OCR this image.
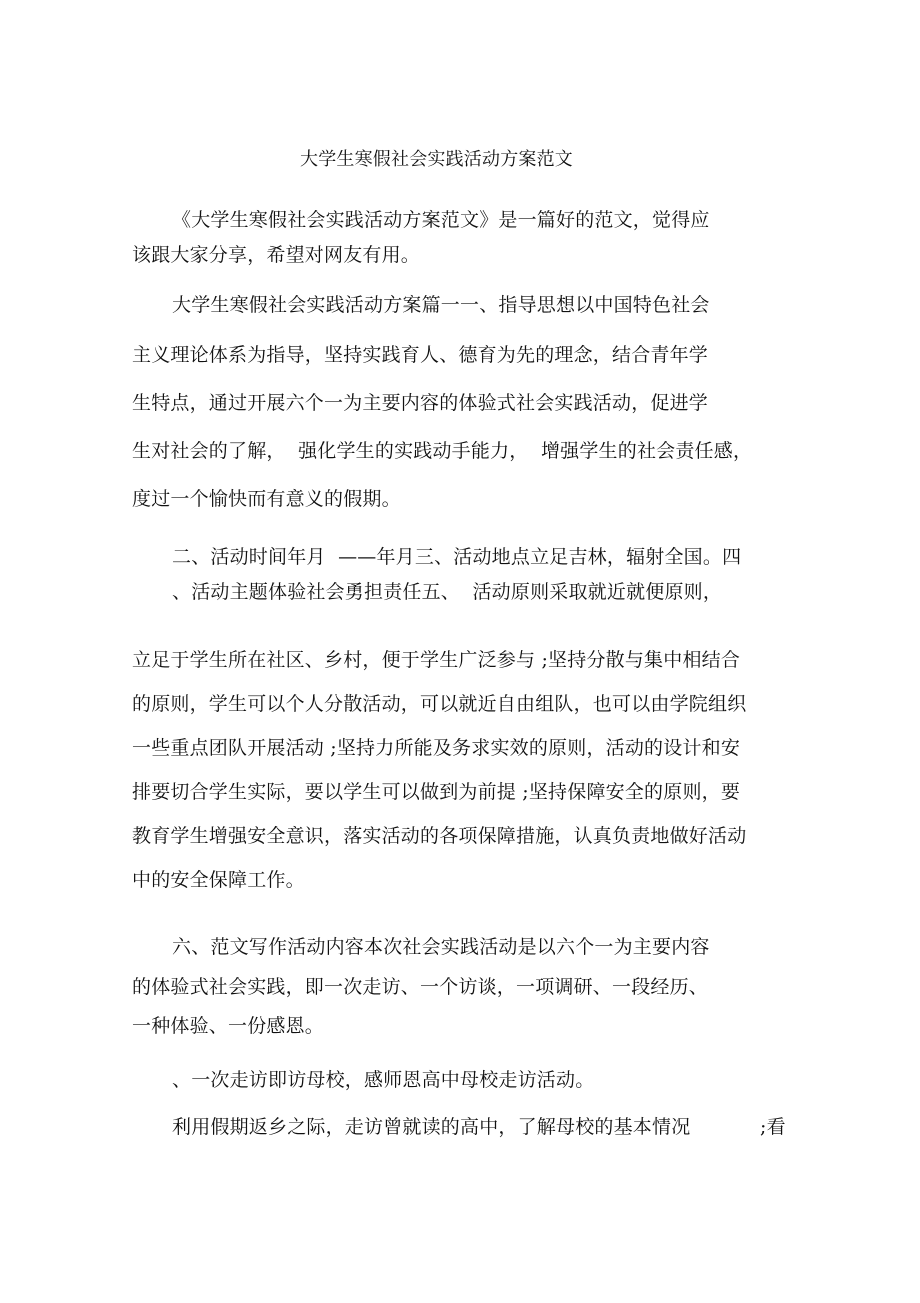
大学生寒假社会实践活动方案范文
《大学生寒假社会实践活动方案范文》是一篇好的范文，觉得应
该跟大家分享，希望对网友有用。
大学生寒假社会实践活动方案篇一一、指导思想以中国特色社会
主义理论体系为指导，坚持实践育人、德育为先的理念，结合青年学
生特点，通过开展六个一为主要内容的体验式社会实践活动，促进学
生对社会的了解，  强化学生的实践动手能力，  增强学生的社会责任感，
度过一个愉快而有意义的假期。
二、活动时间年月  ——年月三、活动地点立足吉林，辐射全国。四
、活动主题体验社会勇担责任五、  活动原则采取就近就便原则，
立足于学生所在社区、乡村，便于学生广泛参与 ;坚持分散与集中相结合
的原则，学生可以个人分散活动，可以就近自由组队，也可以由学院组织
一些重点团队开展活动 ;坚持力所能及务求实效的原则，活动的设计和安
排要切合学生实际，要以学生可以做到为前提 ;坚持保障安全的原则，要
教育学生增强安全意识，落实活动的各项保障措施，认真负责地做好活动
中的安全保障工作。
六、范文写作活动内容本次社会实践活动是以六个一为主要内容
的体验式社会实践，即一次走访、一个访谈，一项调研、一段经历、
一种体验、一份感恩。
、一次走访即访母校，感师恩高中母校走访活动。
利用假期返乡之际，走访曾就读的高中，了解母校的基本情况	;看
